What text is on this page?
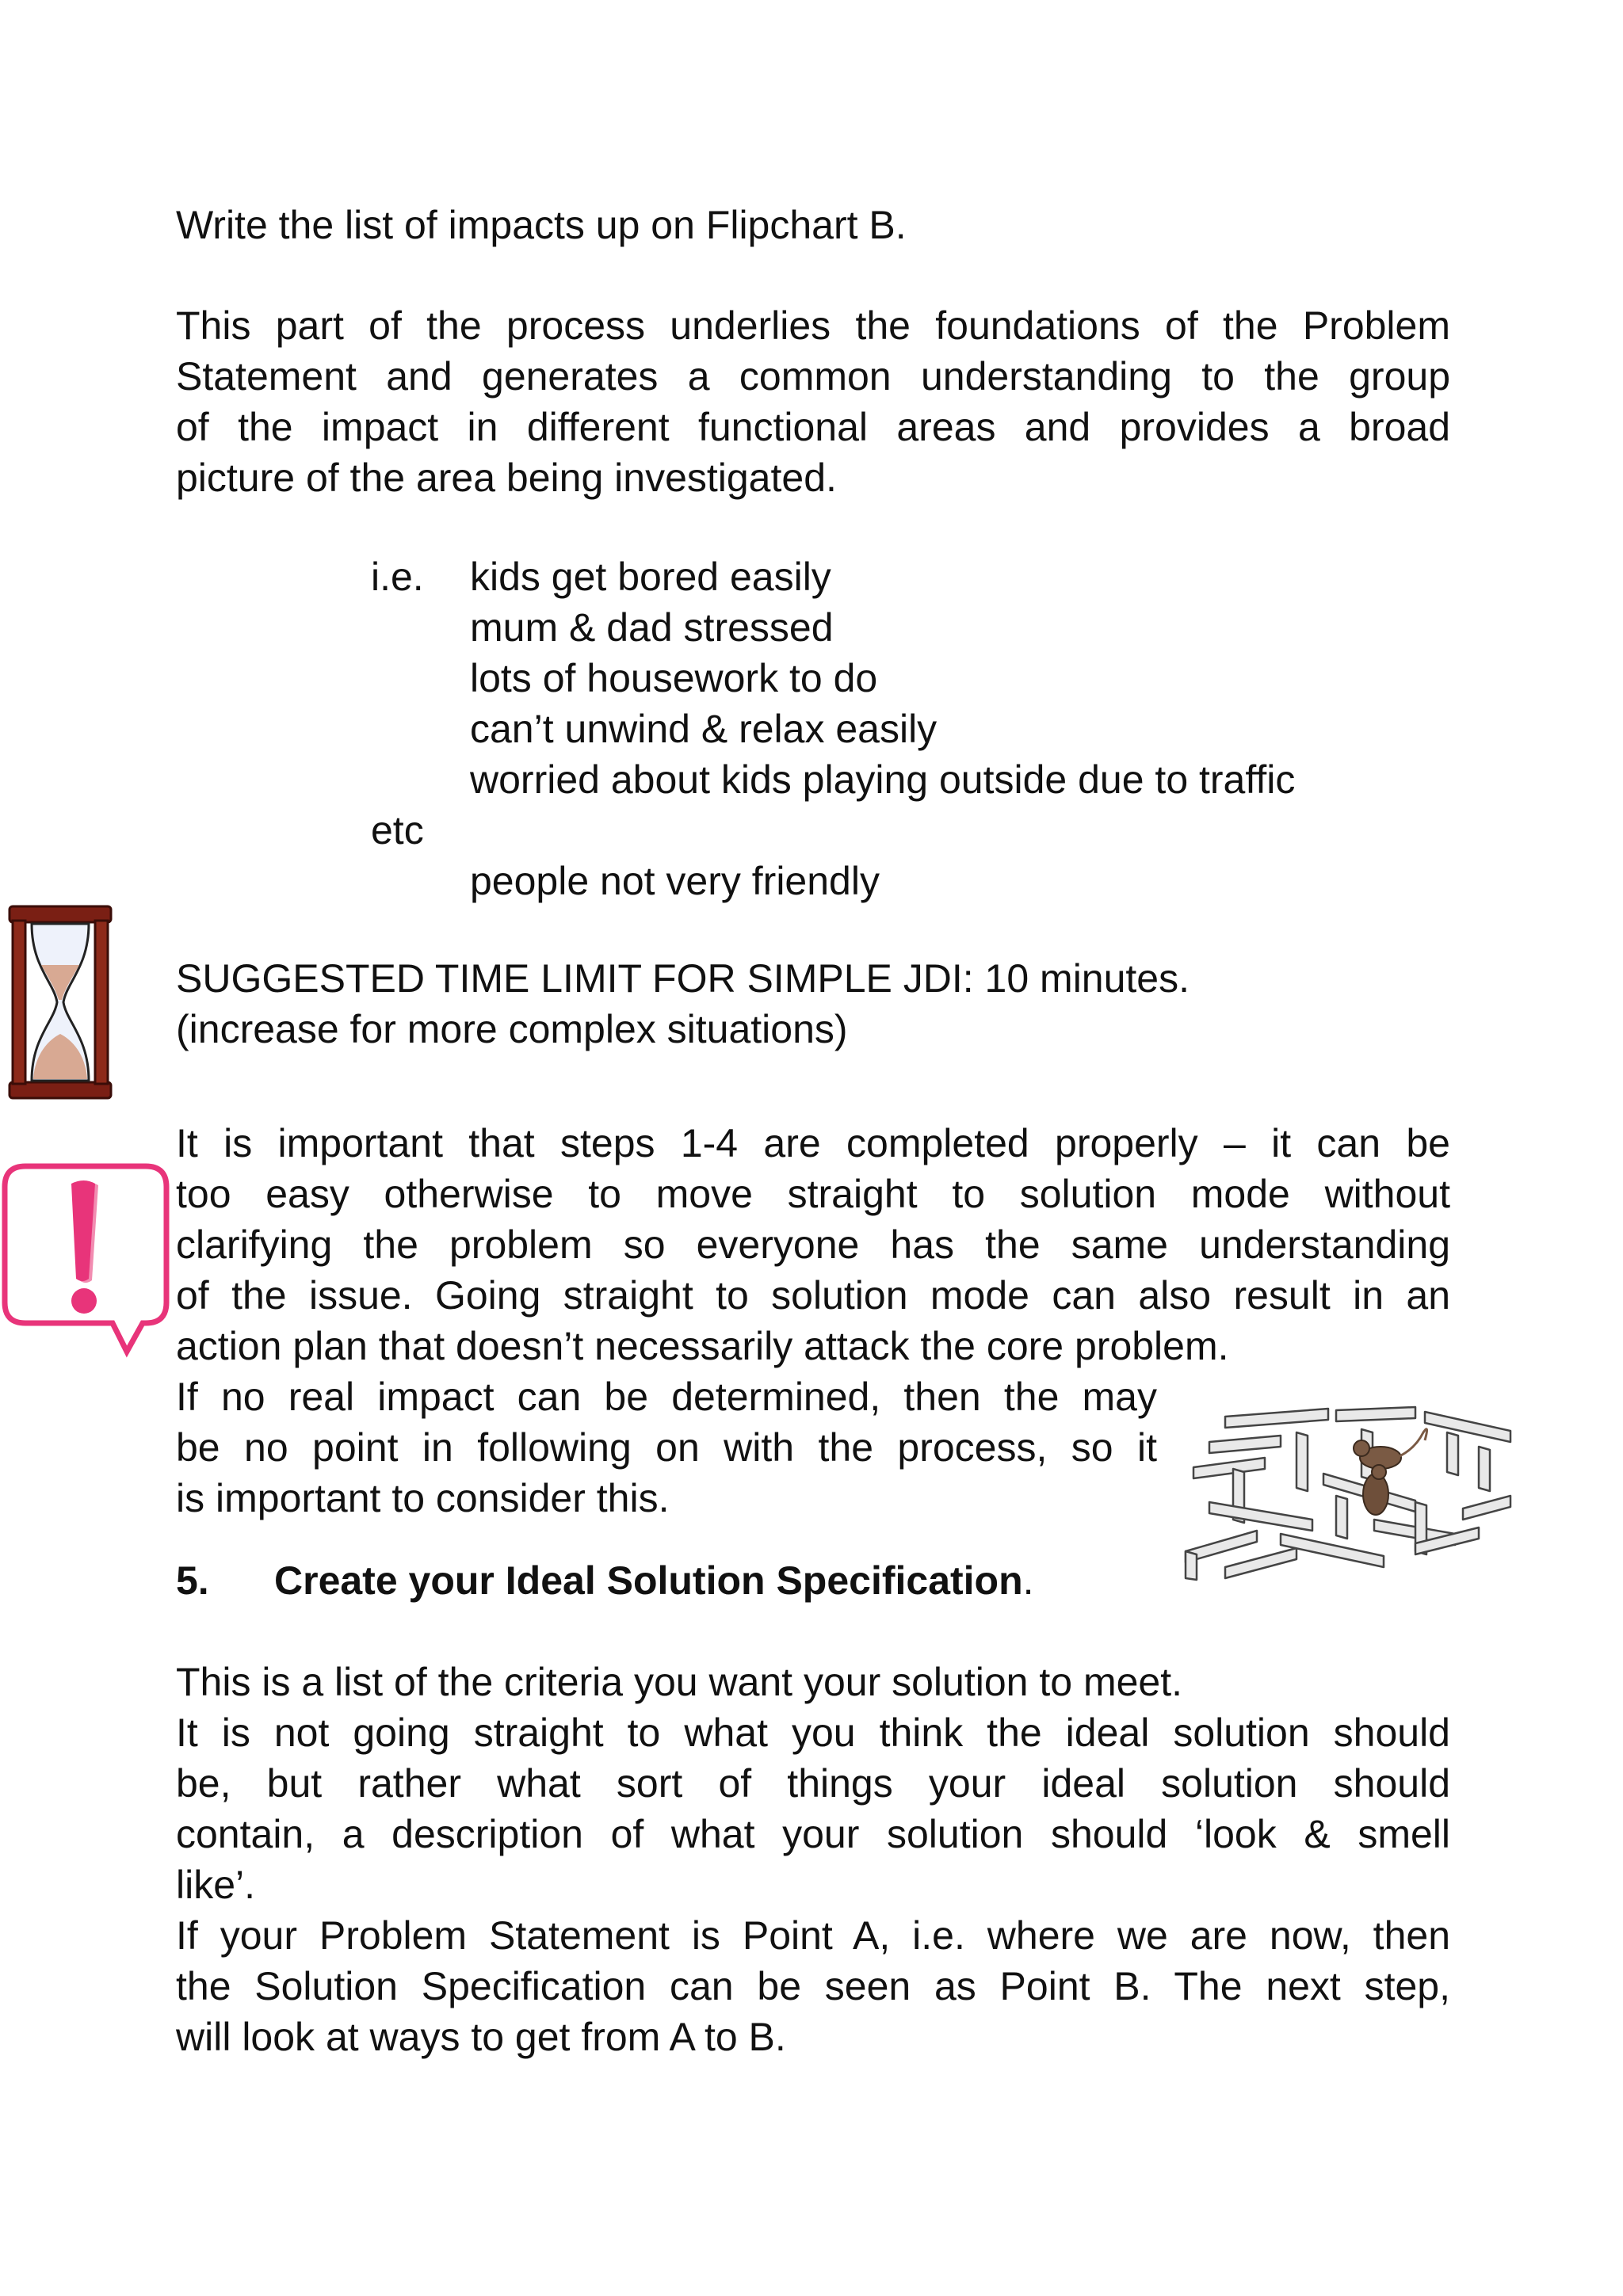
Write the list of impacts up on Flipchart B.

This part of the process underlies the foundations of the Problem
Statement and generates a common understanding to the group
of the impact in different functional areas and provides a broad
picture of the area being investigated.
i.e. kids get bored easily
mum & dad stressed
lots of housework to do
can’t unwind & relax easily
worried about kids playing outside due to traffic
etc
people not very friendly
SUGGESTED TIME LIMIT FOR SIMPLE JDI: 10 minutes.
(increase for more complex situations)
It is important that steps 1-4 are completed properly – it can be
too easy otherwise to move straight to solution mode without
clarifying the problem so everyone has the same understanding
of the issue. Going straight to solution mode can also result in an
action plan that doesn’t necessarily attack the core problem.
If no real impact can be determined, then the may
be no point in following on with the process, so it
is important to consider this.
5. Create your Ideal Solution Specification.
This is a list of the criteria you want your solution to meet.
It is not going straight to what you think the ideal solution should
be, but rather what sort of things your ideal solution should
contain, a description of what your solution should ‘look & smell
like’.
If your Problem Statement is Point A, i.e. where we are now, then
the Solution Specification can be seen as Point B. The next step,
will look at ways to get from A to B.
